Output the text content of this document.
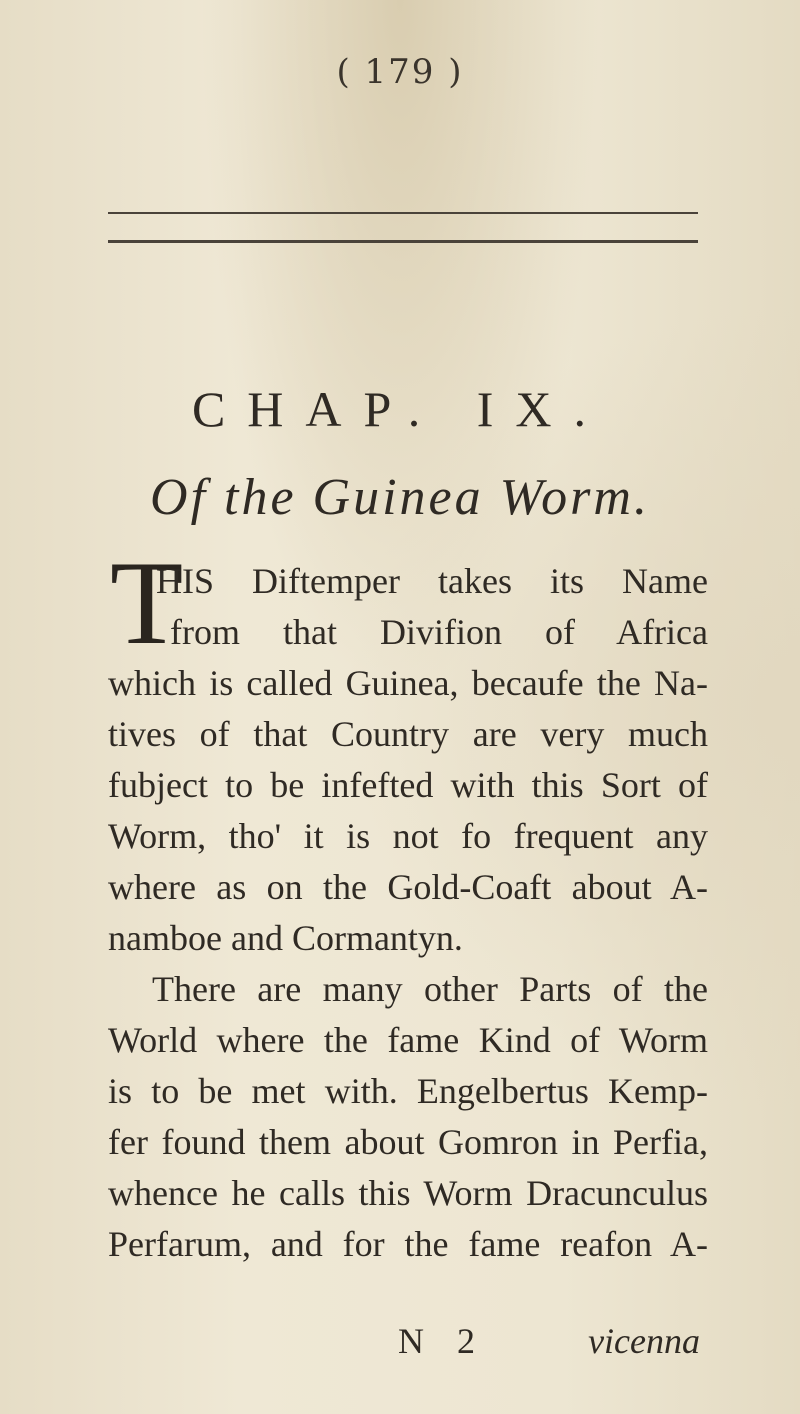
( 179 )
CHAP. IX.
Of the Guinea Worm.
T
HIS Diftemper takes its Name
from that Divifion of Africa
which is called Guinea, becaufe the Na-
tives of that Country are very much
fubject to be infefted with this Sort of
Worm, tho' it is not fo frequent any
where as on the Gold-Coaft about A-
namboe and Cormantyn.
There are many other Parts of the
World where the fame Kind of Worm
is to be met with. Engelbertus Kemp-
fer found them about Gomron in Perfia,
whence he calls this Worm Dracunculus
Perfarum, and for the fame reafon A-
N 2	vicenna
